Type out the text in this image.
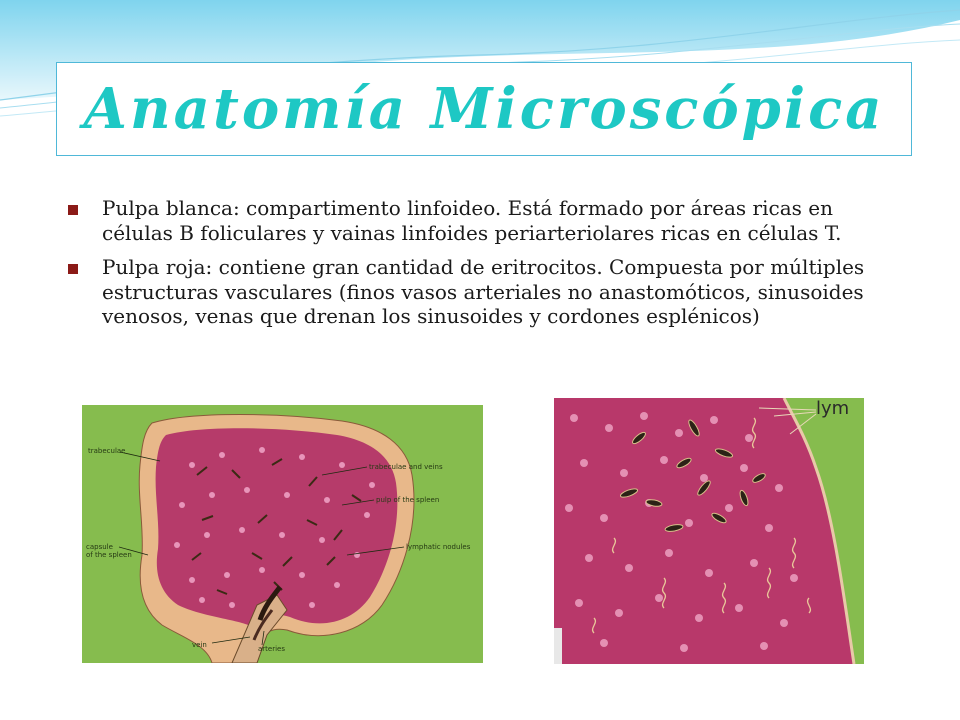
Anatomía Microscópica
Pulpa blanca: compartimento linfoideo. Está formado por áreas ricas en células B foliculares y vainas linfoides periarteriolares ricas en células T.
Pulpa roja: contiene gran cantidad de eritrocitos. Compuesta por múltiples estructuras vasculares (finos vasos arteriales no anastomóticos, sinusoides venosos, venas que drenan los sinusoides y cordones esplénicos)
trabeculae
trabeculae and veins
pulp of the spleen
capsule
of the spleen
lymphatic nodules
vein	arteries
lym
